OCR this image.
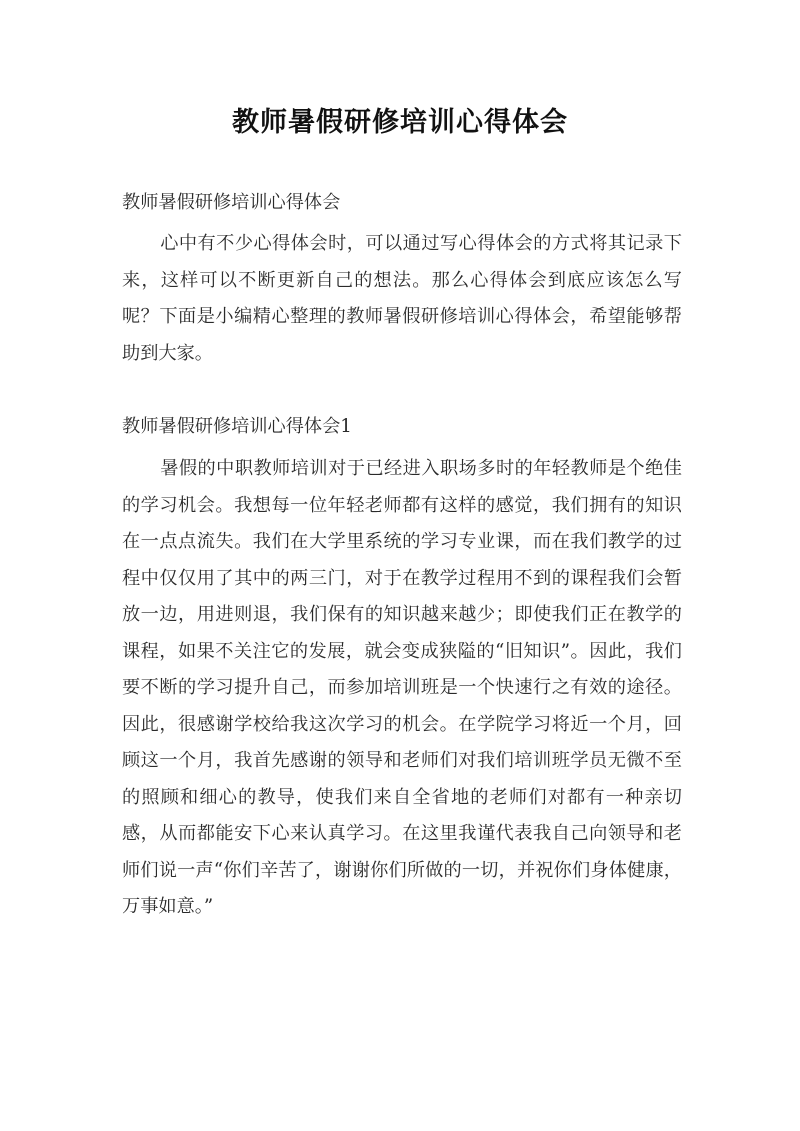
教师暑假研修培训心得体会
教师暑假研修培训心得体会

心中有不少心得体会时，可以通过写心得体会的方式将其记录下来，这样可以不断更新自己的想法。那么心得体会到底应该怎么写呢？下面是小编精心整理的教师暑假研修培训心得体会，希望能够帮助到大家。

教师暑假研修培训心得体会1

暑假的中职教师培训对于已经进入职场多时的年轻教师是个绝佳的学习机会。我想每一位年轻老师都有这样的感觉，我们拥有的知识在一点点流失。我们在大学里系统的学习专业课，而在我们教学的过程中仅仅用了其中的两三门，对于在教学过程用不到的课程我们会暂放一边，用进则退，我们保有的知识越来越少；即使我们正在教学的课程，如果不关注它的发展，就会变成狭隘的“旧知识”。因此，我们要不断的学习提升自己，而参加培训班是一个快速行之有效的途径。因此，很感谢学校给我这次学习的机会。在学院学习将近一个月，回顾这一个月，我首先感谢的领导和老师们对我们培训班学员无微不至的照顾和细心的教导，使我们来自全省地的老师们对都有一种亲切感，从而都能安下心来认真学习。在这里我谨代表我自己向领导和老师们说一声“你们辛苦了，谢谢你们所做的一切，并祝你们身体健康，万事如意。”
